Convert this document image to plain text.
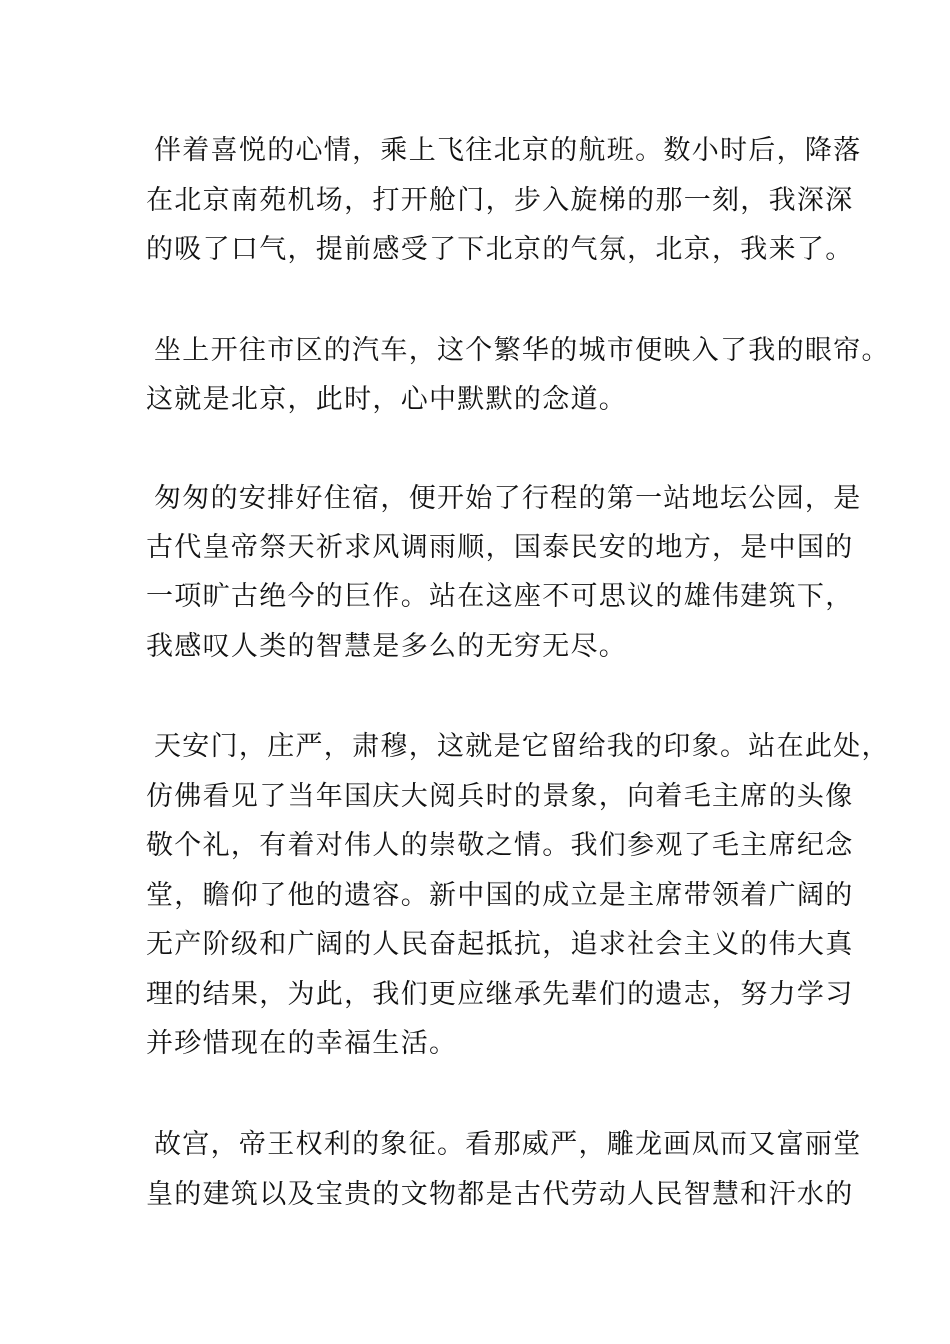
伴着喜悦的心情，乘上飞往北京的航班。数小时后，降落
在北京南苑机场，打开舱门，步入旋梯的那一刻，我深深
的吸了口气，提前感受了下北京的气氛，北京，我来了。
坐上开往市区的汽车，这个繁华的城市便映入了我的眼帘。
这就是北京，此时，心中默默的念道。
匆匆的安排好住宿，便开始了行程的第一站地坛公园，是
古代皇帝祭天祈求风调雨顺，国泰民安的地方，是中国的
一项旷古绝今的巨作。站在这座不可思议的雄伟建筑下，
我感叹人类的智慧是多么的无穷无尽。
天安门，庄严，肃穆，这就是它留给我的印象。站在此处，
仿佛看见了当年国庆大阅兵时的景象，向着毛主席的头像
敬个礼，有着对伟人的崇敬之情。我们参观了毛主席纪念
堂，瞻仰了他的遗容。新中国的成立是主席带领着广阔的
无产阶级和广阔的人民奋起抵抗，追求社会主义的伟大真
理的结果，为此，我们更应继承先辈们的遗志，努力学习
并珍惜现在的幸福生活。
故宫，帝王权利的象征。看那威严，雕龙画凤而又富丽堂
皇的建筑以及宝贵的文物都是古代劳动人民智慧和汗水的
